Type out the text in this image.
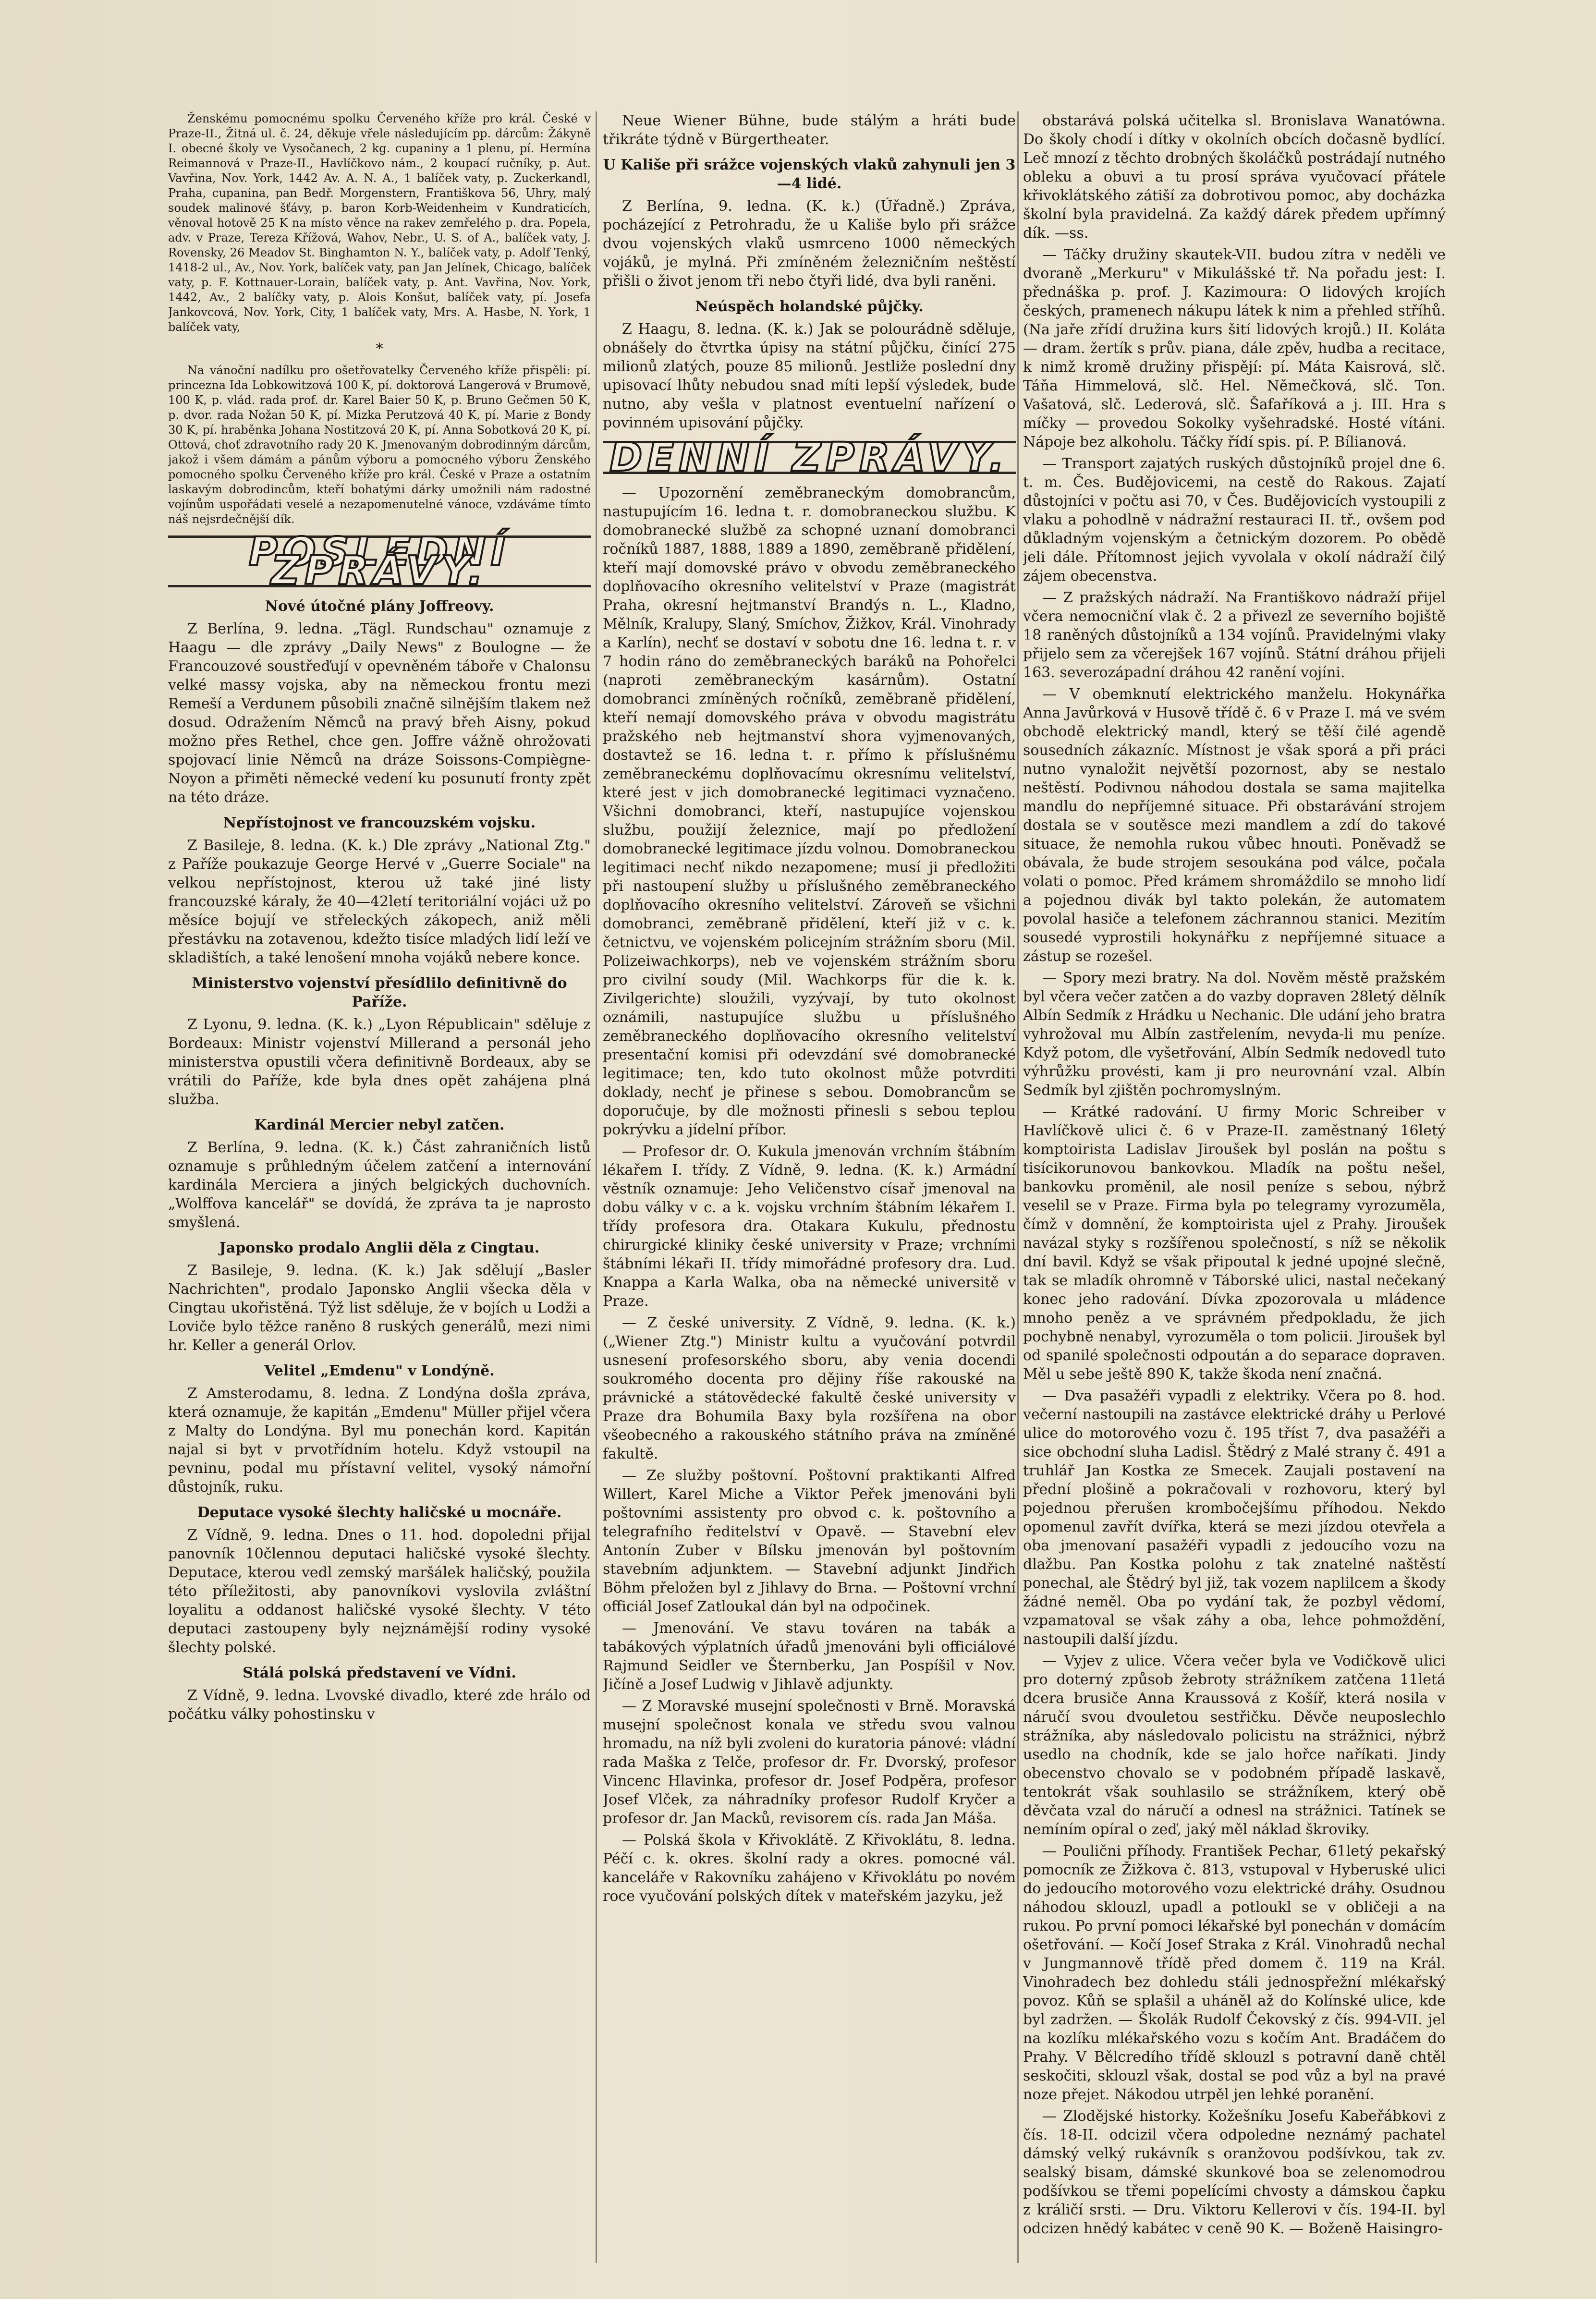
Ženskému pomocnému spolku Červeného kříže pro král. České v Praze-II., Žitná ul. č. 24, děkuje vřele následujícím pp. dárcům: Žákyně I. obecné školy ve Vysočanech, 2 kg. cupaniny a 1 plenu, pí. Hermína Reimannová v Praze-II., Havlíčkovo nám., 2 koupací ručníky, p. Aut. Vavřina, Nov. York, 1442 Av. A. N. A., 1 balíček vaty, p. Zuckerkandl, Praha, cupanina, pan Bedř. Morgenstern, Františkova 56, Uhry, malý soudek malinové šťávy, p. baron Korb-Weidenheim v Kundraticích, věnoval hotově 25 K na místo věnce na rakev zemřelého p. dra. Popela, adv. v Praze, Tereza Křížová, Wahov, Nebr., U. S. of A., balíček vaty, J. Rovensky, 26 Meadov St. Binghamton N. Y., balíček vaty, p. Adolf Tenký, 1418-2 ul., Av., Nov. York, balíček vaty, pan Jan Jelínek, Chicago, balíček vaty, p. F. Kottnauer-Lorain, balíček vaty, p. Ant. Vavřina, Nov. York, 1442, Av., 2 balíčky vaty, p. Alois Konšut, balíček vaty, pí. Josefa Jankovcová, Nov. York, City, 1 balíček vaty, Mrs. A. Hasbe, N. York, 1 balíček vaty,

*

Na vánoční nadílku pro ošetřovatelky Červeného kříže přispěli: pí. princezna Ida Lobkowitzová 100 K, pí. doktorová Langerová v Brumově, 100 K, p. vlád. rada prof. dr. Karel Baier 50 K, p. Bruno Gečmen 50 K, p. dvor. rada Nožan 50 K, pí. Mizka Perutzová 40 K, pí. Marie z Bondy 30 K, pí. hraběnka Johana Nostitzová 20 K, pí. Anna Sobotková 20 K, pí. Ottová, choť zdravotního rady 20 K. Jmenovaným dobrodinným dárcům, jakož i všem dámám a pánům výboru a pomocného výboru Ženského pomocného spolku Červeného kříže pro král. České v Praze a ostatním laskavým dobrodincům, kteří bohatými dárky umožnili nám radostné vojínům uspořádati veselé a nezapomenutelné vánoce, vzdáváme tímto náš nejsrdečnější dík.

POSLEDNÍ ZPRÁVY.
Nové útočné plány Joffreovy.

Z Berlína, 9. ledna. „Tägl. Rundschau" oznamuje z Haagu — dle zprávy „Daily News" z Boulogne — že Francouzové soustřeďují v opevněném táboře v Chalonsu velké massy vojska, aby na německou frontu mezi Remeší a Verdunem působili značně silnějším tlakem než dosud. Odražením Němců na pravý břeh Aisny, pokud možno přes Rethel, chce gen. Joffre vážně ohrožovati spojovací linie Němců na dráze Soissons-Compiègne-Noyon a přiměti německé vedení ku posunutí fronty zpět na této dráze.

Nepřístojnost ve francouzském vojsku.

Z Basileje, 8. ledna. (K. k.) Dle zprávy „National Ztg." z Paříže poukazuje George Hervé v „Guerre Sociale" na velkou nepřístojnost, kterou už také jiné listy francouzské káraly, že 40—42letí teritoriální vojáci už po měsíce bojují ve střeleckých zákopech, aniž měli přestávku na zotavenou, kdežto tisíce mladých lidí leží ve skladištích, a také lenošení mnoha vojáků nebere konce.

Ministerstvo vojenství přesídlilo definitivně do Paříže.

Z Lyonu, 9. ledna. (K. k.) „Lyon Républicain" sděluje z Bordeaux: Ministr vojenství Millerand a personál jeho ministerstva opustili včera definitivně Bordeaux, aby se vrátili do Paříže, kde byla dnes opět zahájena plná služba.

Kardinál Mercier nebyl zatčen.

Z Berlína, 9. ledna. (K. k.) Část zahraničních listů oznamuje s průhledným účelem zatčení a internování kardinála Merciera a jiných belgických duchovních. „Wolffova kancelář" se dovídá, že zpráva ta je naprosto smyšlená.

Japonsko prodalo Anglii děla z Cingtau.

Z Basileje, 9. ledna. (K. k.) Jak sdělují „Basler Nachrichten", prodalo Japonsko Anglii všecka děla v Cingtau ukořistěná. Týž list sděluje, že v bojích u Lodži a Loviče bylo těžce raněno 8 ruských generálů, mezi nimi hr. Keller a generál Orlov.

Velitel „Emdenu" v Londýně.

Z Amsterodamu, 8. ledna. Z Londýna došla zpráva, která oznamuje, že kapitán „Emdenu" Müller přijel včera z Malty do Londýna. Byl mu ponechán kord. Kapitán najal si byt v prvotřídním hotelu. Když vstoupil na pevninu, podal mu přístavní velitel, vysoký námořní důstojník, ruku.

Deputace vysoké šlechty haličské u mocnáře.

Z Vídně, 9. ledna. Dnes o 11. hod. dopoledni přijal panovník 10člennou deputaci haličské vysoké šlechty. Deputace, kterou vedl zemský maršálek haličský, použila této příležitosti, aby panovníkovi vyslovila zvláštní loyalitu a oddanost haličské vysoké šlechty. V této deputaci zastoupeny byly nejznámější rodiny vysoké šlechty polské.

Stálá polská představení ve Vídni.

Z Vídně, 9. ledna. Lvovské divadlo, které zde hrálo od počátku války pohostinsku v

Neue Wiener Bühne, bude stálým a hráti bude třikráte týdně v Bürgertheater.

U Kališe při srážce vojenských vlaků zahynuli jen 3—4 lidé.

Z Berlína, 9. ledna. (K. k.) (Úřadně.) Zpráva, pocházející z Petrohradu, že u Kališe bylo při srážce dvou vojenských vlaků usmrceno 1000 německých vojáků, je mylná. Při zmíněném železničním neštěstí přišli o život jenom tři nebo čtyři lidé, dva byli raněni.

Neúspěch holandské půjčky.

Z Haagu, 8. ledna. (K. k.) Jak se polourádně sděluje, obnášely do čtvrtka úpisy na státní půjčku, činící 275 milionů zlatých, pouze 85 milionů. Jestliže poslední dny upisovací lhůty nebudou snad míti lepší výsledek, bude nutno, aby vešla v platnost eventuelní nařízení o povinném upisování půjčky.

DENNÍ ZPRÁVY.

— Upozornění zeměbraneckým domobrancům, nastupujícím 16. ledna t. r. domobraneckou službu. K domobranecké službě za schopné uznaní domobranci ročníků 1887, 1888, 1889 a 1890, zeměbraně přidělení, kteří mají domovské právo v obvodu zeměbraneckého doplňovacího okresního velitelství v Praze (magistrát Praha, okresní hejtmanství Brandýs n. L., Kladno, Mělník, Kralupy, Slaný, Smíchov, Žižkov, Král. Vinohrady a Karlín), nechť se dostaví v sobotu dne 16. ledna t. r. v 7 hodin ráno do zeměbraneckých baráků na Pohořelci (naproti zeměbraneckým kasárnům). Ostatní domobranci zmíněných ročníků, zeměbraně přidělení, kteří nemají domovského práva v obvodu magistrátu pražského neb hejtmanství shora vyjmenovaných, dostavtež se 16. ledna t. r. přímo k příslušnému zeměbraneckému doplňovacímu okresnímu velitelství, které jest v jich domobranecké legitimaci vyznačeno. Všichni domobranci, kteří, nastupujíce vojenskou službu, použijí železnice, mají po předložení domobranecké legitimace jízdu volnou. Domobraneckou legitimaci nechť nikdo nezapomene; musí ji předložiti při nastoupení služby u příslušného zeměbraneckého doplňovacího okresního velitelství. Zároveň se všichni domobranci, zeměbraně přidělení, kteří již v c. k. četnictvu, ve vojenském policejním strážním sboru (Mil. Polizeiwachkorps), neb ve vojenském strážním sboru pro civilní soudy (Mil. Wachkorps für die k. k. Zivilgerichte) sloužili, vyzývají, by tuto okolnost oznámili, nastupujíce službu u příslušného zeměbraneckého doplňovacího okresního velitelství presentační komisi při odevzdání své domobranecké legitimace; ten, kdo tuto okolnost může potvrditi doklady, nechť je přinese s sebou. Domobrancům se doporučuje, by dle možnosti přinesli s sebou teplou pokrývku a jídelní příbor.

— Profesor dr. O. Kukula jmenován vrchním štábním lékařem I. třídy. Z Vídně, 9. ledna. (K. k.) Armádní věstník oznamuje: Jeho Veličenstvo císař jmenoval na dobu války v c. a k. vojsku vrchním štábním lékařem I. třídy profesora dra. Otakara Kukulu, přednostu chirurgické kliniky české university v Praze; vrchními štábními lékaři II. třídy mimořádné profesory dra. Lud. Knappa a Karla Walka, oba na německé universitě v Praze.

— Z české university. Z Vídně, 9. ledna. (K. k.) („Wiener Ztg.") Ministr kultu a vyučování potvrdil usnesení profesorského sboru, aby venia docendi soukromého docenta pro dějiny říše rakouské na právnické a státovědecké fakultě české university v Praze dra Bohumila Baxy byla rozšířena na obor všeobecného a rakouského státního práva na zmíněné fakultě.

— Ze služby poštovní. Poštovní praktikanti Alfred Willert, Karel Miche a Viktor Peřek jmenováni byli poštovními assistenty pro obvod c. k. poštovního a telegrafního ředitelství v Opavě. — Stavební elev Antonín Zuber v Bílsku jmenován byl poštovním stavebním adjunktem. — Stavební adjunkt Jindřich Böhm přeložen byl z Jihlavy do Brna. — Poštovní vrchní officiál Josef Zatloukal dán byl na odpočinek.

— Jmenování. Ve stavu továren na tabák a tabákových výplatních úřadů jmenováni byli officiálové Rajmund Seidler ve Šternberku, Jan Pospíšil v Nov. Jičíně a Josef Ludwig v Jihlavě adjunkty.

— Z Moravské musejní společnosti v Brně. Moravská musejní společnost konala ve středu svou valnou hromadu, na níž byli zvoleni do kuratoria pánové: vládní rada Maška z Telče, profesor dr. Fr. Dvorský, profesor Vincenc Hlavinka, profesor dr. Josef Podpěra, profesor Josef Vlček, za náhradníky profesor Rudolf Kryčer a profesor dr. Jan Macků, revisorem cís. rada Jan Máša.

— Polská škola v Křivoklátě. Z Křivoklátu, 8. ledna. Péčí c. k. okres. školní rady a okres. pomocné vál. kanceláře v Rakovníku zahájeno v Křivoklátu po novém roce vyučování polských dítek v mateřském jazyku, jež

obstarává polská učitelka sl. Bronislava Wanatówna. Do školy chodí i dítky v okolních obcích dočasně bydlící. Leč mnozí z těchto drobných školáčků postrádají nutného obleku a obuvi a tu prosí správa vyučovací přátele křivoklátského zátiší za dobrotivou pomoc, aby docházka školní byla pravidelná. Za každý dárek předem upřímný dík. —ss.

— Táčky družiny skautek-VII. budou zítra v neděli ve dvoraně „Merkuru" v Mikulášské tř. Na pořadu jest: I. přednáška p. prof. J. Kazimoura: O lidových krojích českých, pramenech nákupu látek k nim a přehled stříhů. (Na jaře zřídí družina kurs šití lidových krojů.) II. Koláta — dram. žertík s prův. piana, dále zpěv, hudba a recitace, k nimž kromě družiny přispějí: pí. Máta Kaisrová, slč. Táňa Himmelová, slč. Hel. Němečková, slč. Ton. Vašatová, slč. Lederová, slč. Šafaříková a j. III. Hra s míčky — provedou Sokolky vyšehradské. Hosté vítáni. Nápoje bez alkoholu. Táčky řídí spis. pí. P. Bílianová.

— Transport zajatých ruských důstojníků projel dne 6. t. m. Čes. Budějovicemi, na cestě do Rakous. Zajatí důstojníci v počtu asi 70, v Čes. Budějovicích vystoupili z vlaku a pohodlně v nádražní restauraci II. tř., ovšem pod důkladným vojenským a četnickým dozorem. Po obědě jeli dále. Přítomnost jejich vyvolala v okolí nádraží čilý zájem obecenstva.

— Z pražských nádraží. Na Františkovo nádraží přijel včera nemocniční vlak č. 2 a přivezl ze severního bojiště 18 raněných důstojníků a 134 vojínů. Pravidelnými vlaky přijelo sem za včerejšek 167 vojínů. Státní dráhou přijeli 163. severozápadní dráhou 42 ranění vojíni.

— V obemknutí elektrického manželu. Hokynářka Anna Javůrková v Husově třídě č. 6 v Praze I. má ve svém obchodě elektrický mandl, který se těší čilé agendě sousedních zákazníc. Místnost je však sporá a při práci nutno vynaložit největší pozornost, aby se nestalo neštěstí. Podivnou náhodou dostala se sama majitelka mandlu do nepříjemné situace. Při obstarávání strojem dostala se v soutěsce mezi mandlem a zdí do takové situace, že nemohla rukou vůbec hnouti. Poněvadž se obávala, že bude strojem sesoukána pod válce, počala volati o pomoc. Před krámem shromáždilo se mnoho lidí a pojednou divák byl takto polekán, že automatem povolal hasiče a telefonem záchrannou stanici. Mezitím sousedé vyprostili hokynářku z nepříjemné situace a zástup se rozešel.

— Spory mezi bratry. Na dol. Nověm městě pražském byl včera večer zatčen a do vazby dopraven 28letý dělník Albín Sedmík z Hrádku u Nechanic. Dle udání jeho bratra vyhrožoval mu Albín zastřelením, nevyda-li mu peníze. Když potom, dle vyšetřování, Albín Sedmík nedovedl tuto výhrůžku provésti, kam ji pro neurovnání vzal. Albín Sedmík byl zjištěn pochromyslným.

— Krátké radování. U firmy Moric Schreiber v Havlíčkově ulici č. 6 v Praze-II. zaměstnaný 16letý komptoirista Ladislav Jiroušek byl poslán na poštu s tisícikorunovou bankovkou. Mladík na poštu nešel, bankovku proměnil, ale nosil peníze s sebou, nýbrž veselil se v Praze. Firma byla po telegramy vyrozuměla, čímž v domnění, že komptoirista ujel z Prahy. Jiroušek navázal styky s rozšířenou společností, s níž se několik dní bavil. Když se však připoutal k jedné upojné slečně, tak se mladík ohromně v Táborské ulici, nastal nečekaný konec jeho radování. Dívka zpozorovala u mládence mnoho peněz a ve správném předpokladu, že jich pochybně nenabyl, vyrozuměla o tom policii. Jiroušek byl od spanilé společnosti odpoután a do separace dopraven. Měl u sebe ještě 890 K, takže škoda není značná.

— Dva pasažéři vypadli z elektriky. Včera po 8. hod. večerní nastoupili na zastávce elektrické dráhy u Perlové ulice do motorového vozu č. 195 tříst 7, dva pasažéři a sice obchodní sluha Ladisl. Štědrý z Malé strany č. 491 a truhlář Jan Kostka ze Smecek. Zaujali postavení na přední plošině a pokračovali v rozhovoru, který byl pojednou přerušen krombočejšímu příhodou. Nekdo opomenul zavřít dvířka, která se mezi jízdou otevřela a oba jmenovaní pasažéři vypadli z jedoucího vozu na dlažbu. Pan Kostka polohu z tak znatelné naštěstí ponechal, ale Štědrý byl již, tak vozem naplilcem a škody žádné neměl. Oba po vydání tak, že pozbyl vědomí, vzpamatoval se však záhy a oba, lehce pohmoždění, nastoupili další jízdu.

— Vyjev z ulice. Včera večer byla ve Vodičkově ulici pro doterný způsob žebroty strážníkem zatčena 11letá dcera brusiče Anna Kraussová z Košíř, která nosila v náručí svou dvouletou sestřičku. Děvče neuposlechlo strážníka, aby následovalo policistu na strážnici, nýbrž usedlo na chodník, kde se jalo hořce naříkati. Jindy obecenstvo chovalo se v podobném případě laskavě, tentokrát však souhlasilo se strážníkem, který obě děvčata vzal do náručí a odnesl na strážnici. Tatínek se nemíním opíral o zeď, jaký měl náklad škroviky.

— Poulični příhody. František Pechar, 61letý pekařský pomocník ze Žižkova č. 813, vstupoval v Hyberuské ulici do jedoucího motorového vozu elektrické dráhy. Osudnou náhodou sklouzl, upadl a potloukl se v obličeji a na rukou. Po první pomoci lékařské byl ponechán v domácím ošetřování. — Kočí Josef Straka z Král. Vinohradů nechal v Jungmannově třídě před domem č. 119 na Král. Vinohradech bez dohledu stáli jednospřežní mlékařský povoz. Kůň se splašil a uháněl až do Kolínské ulice, kde byl zadržen. — Školák Rudolf Čekovský z čís. 994-VII. jel na kozlíku mlékařského vozu s kočím Ant. Bradáčem do Prahy. V Bělcredího třídě sklouzl s potravní daně chtěl seskočiti, sklouzl však, dostal se pod vůz a byl na pravé noze přejet. Nákodou utrpěl jen lehké poranění.

— Zlodějské historky. Kožešníku Josefu Kabeřábkovi z čís. 18-II. odcizil včera odpoledne neznámý pachatel dámský velký rukávník s oranžovou podšívkou, tak zv. sealský bisam, dámské skunkové boa se zelenomodrou podšívkou se třemi popelícími chvosty a dámskou čapku z králičí srsti. — Dru. Viktoru Kellerovi v čís. 194-II. byl odcizen hnědý kabátec v ceně 90 K. — Boženě Haisingro-
